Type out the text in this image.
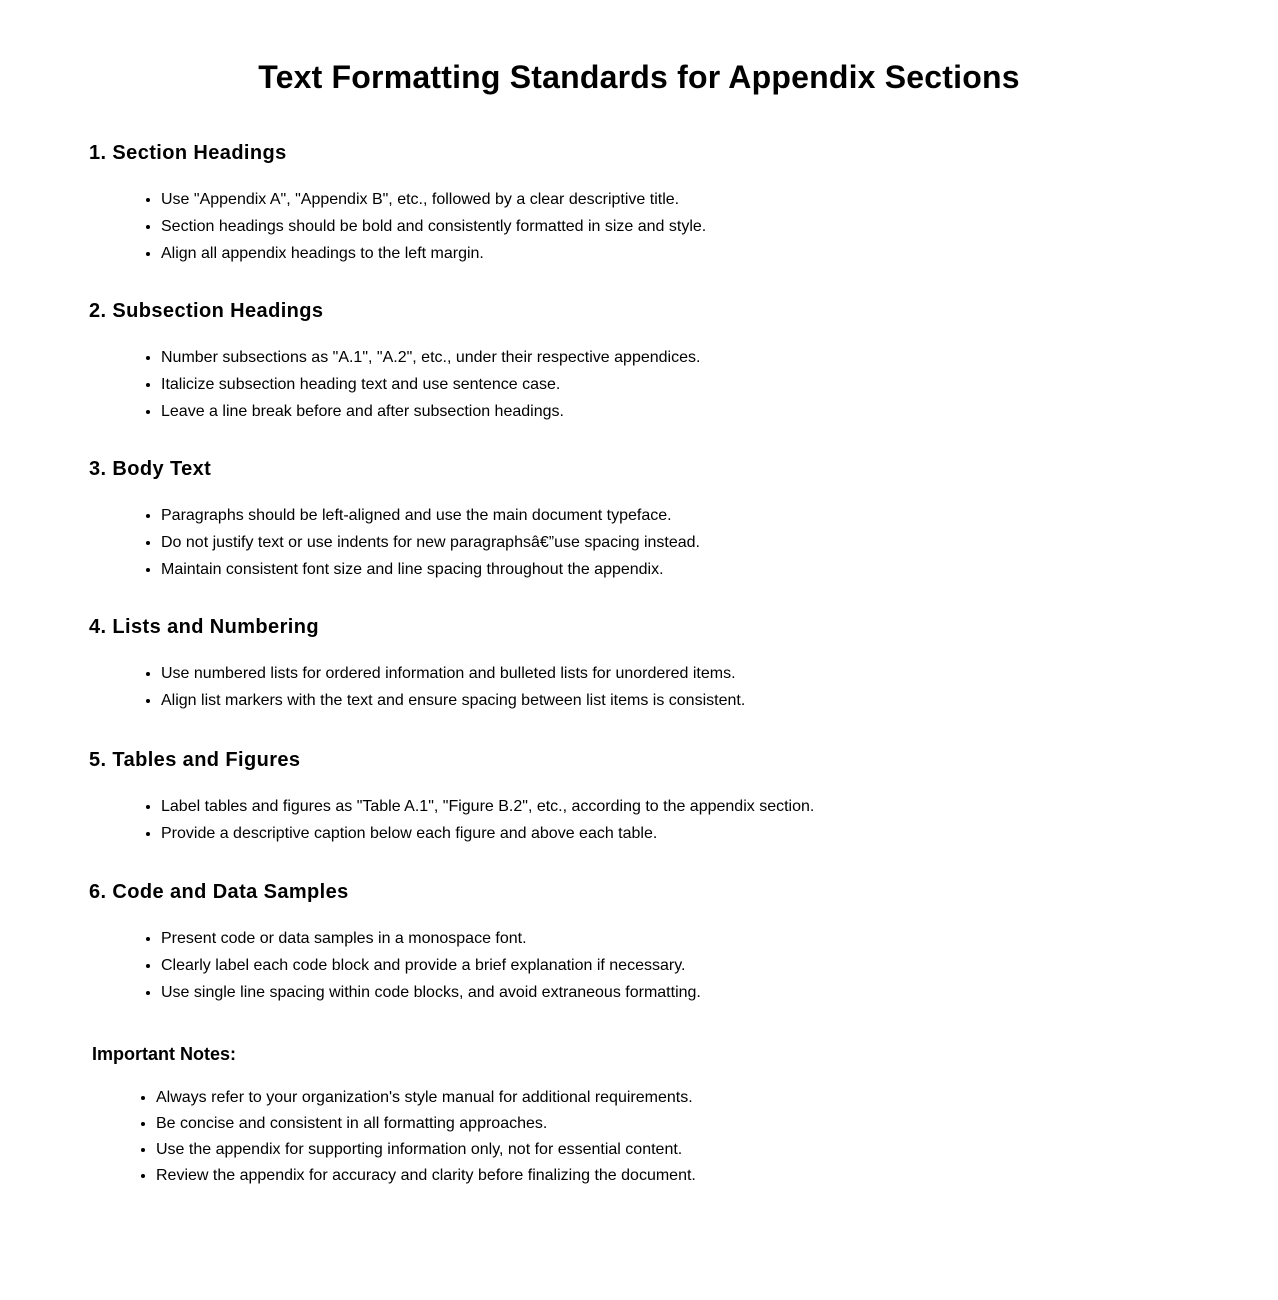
Text Formatting Standards for Appendix Sections
1. Section Headings
• Use "Appendix A", "Appendix B", etc., followed by a clear descriptive title.
• Section headings should be bold and consistently formatted in size and style.
• Align all appendix headings to the left margin.
2. Subsection Headings
• Number subsections as "A.1", "A.2", etc., under their respective appendices.
• Italicize subsection heading text and use sentence case.
• Leave a line break before and after subsection headings.
3. Body Text
• Paragraphs should be left-aligned and use the main document typeface.
• Do not justify text or use indents for new paragraphsâ€”use spacing instead.
• Maintain consistent font size and line spacing throughout the appendix.
4. Lists and Numbering
• Use numbered lists for ordered information and bulleted lists for unordered items.
• Align list markers with the text and ensure spacing between list items is consistent.
5. Tables and Figures
• Label tables and figures as "Table A.1", "Figure B.2", etc., according to the appendix section.
• Provide a descriptive caption below each figure and above each table.
6. Code and Data Samples
• Present code or data samples in a monospace font.
• Clearly label each code block and provide a brief explanation if necessary.
• Use single line spacing within code blocks, and avoid extraneous formatting.
Important Notes:
• Always refer to your organization's style manual for additional requirements.
• Be concise and consistent in all formatting approaches.
• Use the appendix for supporting information only, not for essential content.
• Review the appendix for accuracy and clarity before finalizing the document.
